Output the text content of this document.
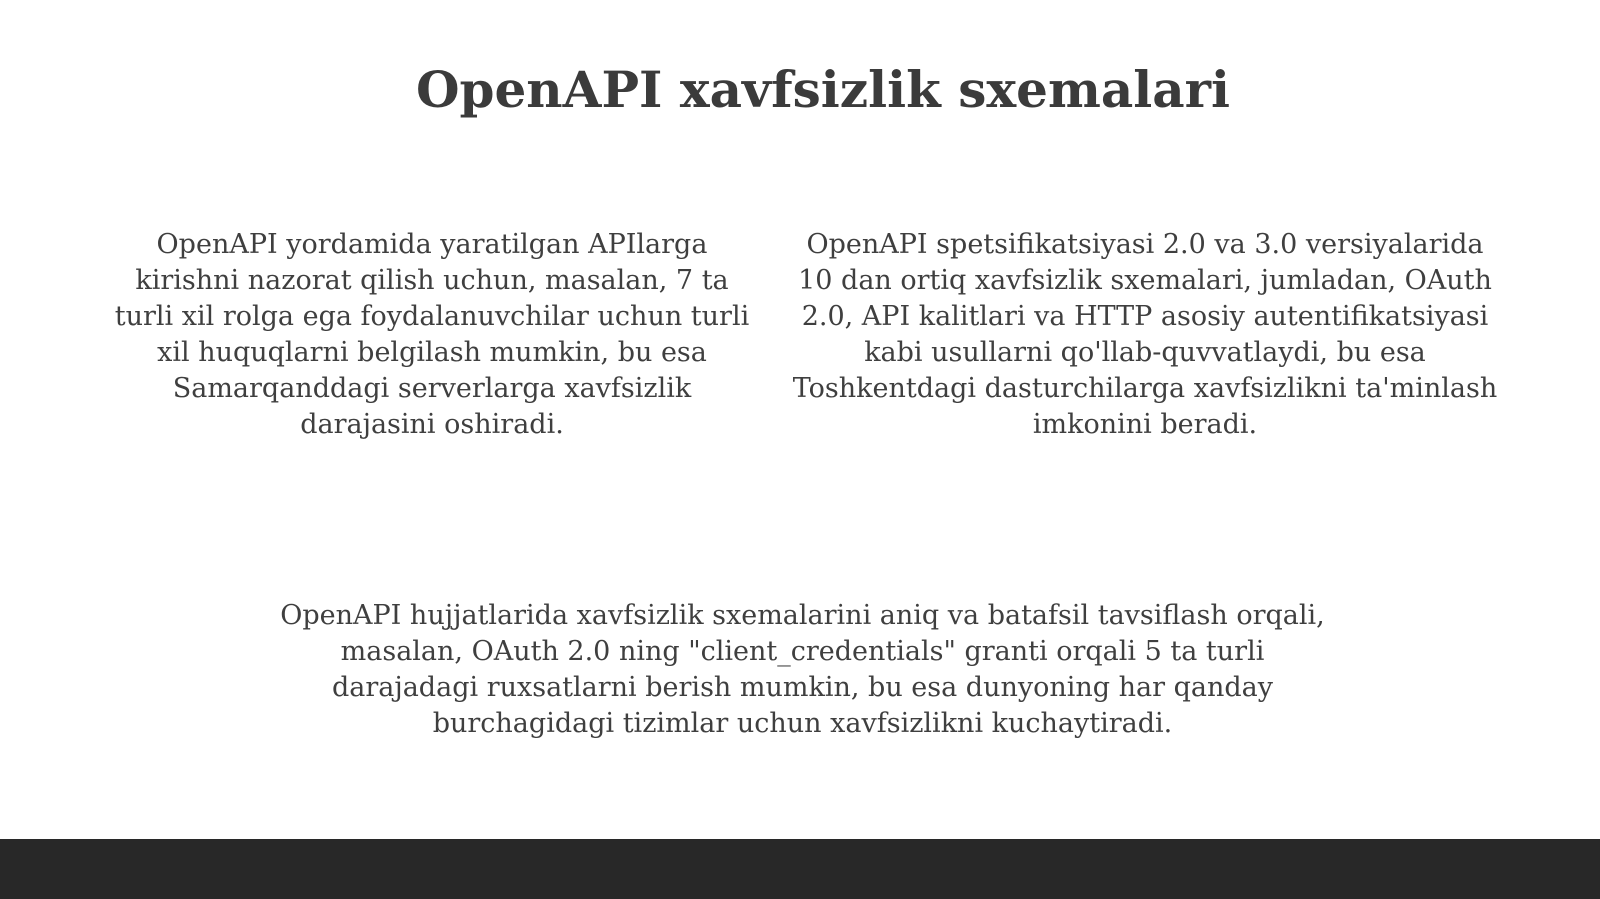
OpenAPI xavfsizlik sxemalari

OpenAPI yordamida yaratilgan APIlarga kirishni nazorat qilish uchun, masalan, 7 ta turli xil rolga ega foydalanuvchilar uchun turli xil huquqlarni belgilash mumkin, bu esa Samarqanddagi serverlarga xavfsizlik darajasini oshiradi.

OpenAPI spetsifikatsiyasi 2.0 va 3.0 versiyalarida 10 dan ortiq xavfsizlik sxemalari, jumladan, OAuth 2.0, API kalitlari va HTTP asosiy autentifikatsiyasi kabi usullarni qo'llab-quvvatlaydi, bu esa Toshkentdagi dasturchilarga xavfsizlikni ta'minlash imkonini beradi.

OpenAPI hujjatlarida xavfsizlik sxemalarini aniq va batafsil tavsiflash orqali, masalan, OAuth 2.0 ning "client_credentials" granti orqali 5 ta turli darajadagi ruxsatlarni berish mumkin, bu esa dunyoning har qanday burchagidagi tizimlar uchun xavfsizlikni kuchaytiradi.
